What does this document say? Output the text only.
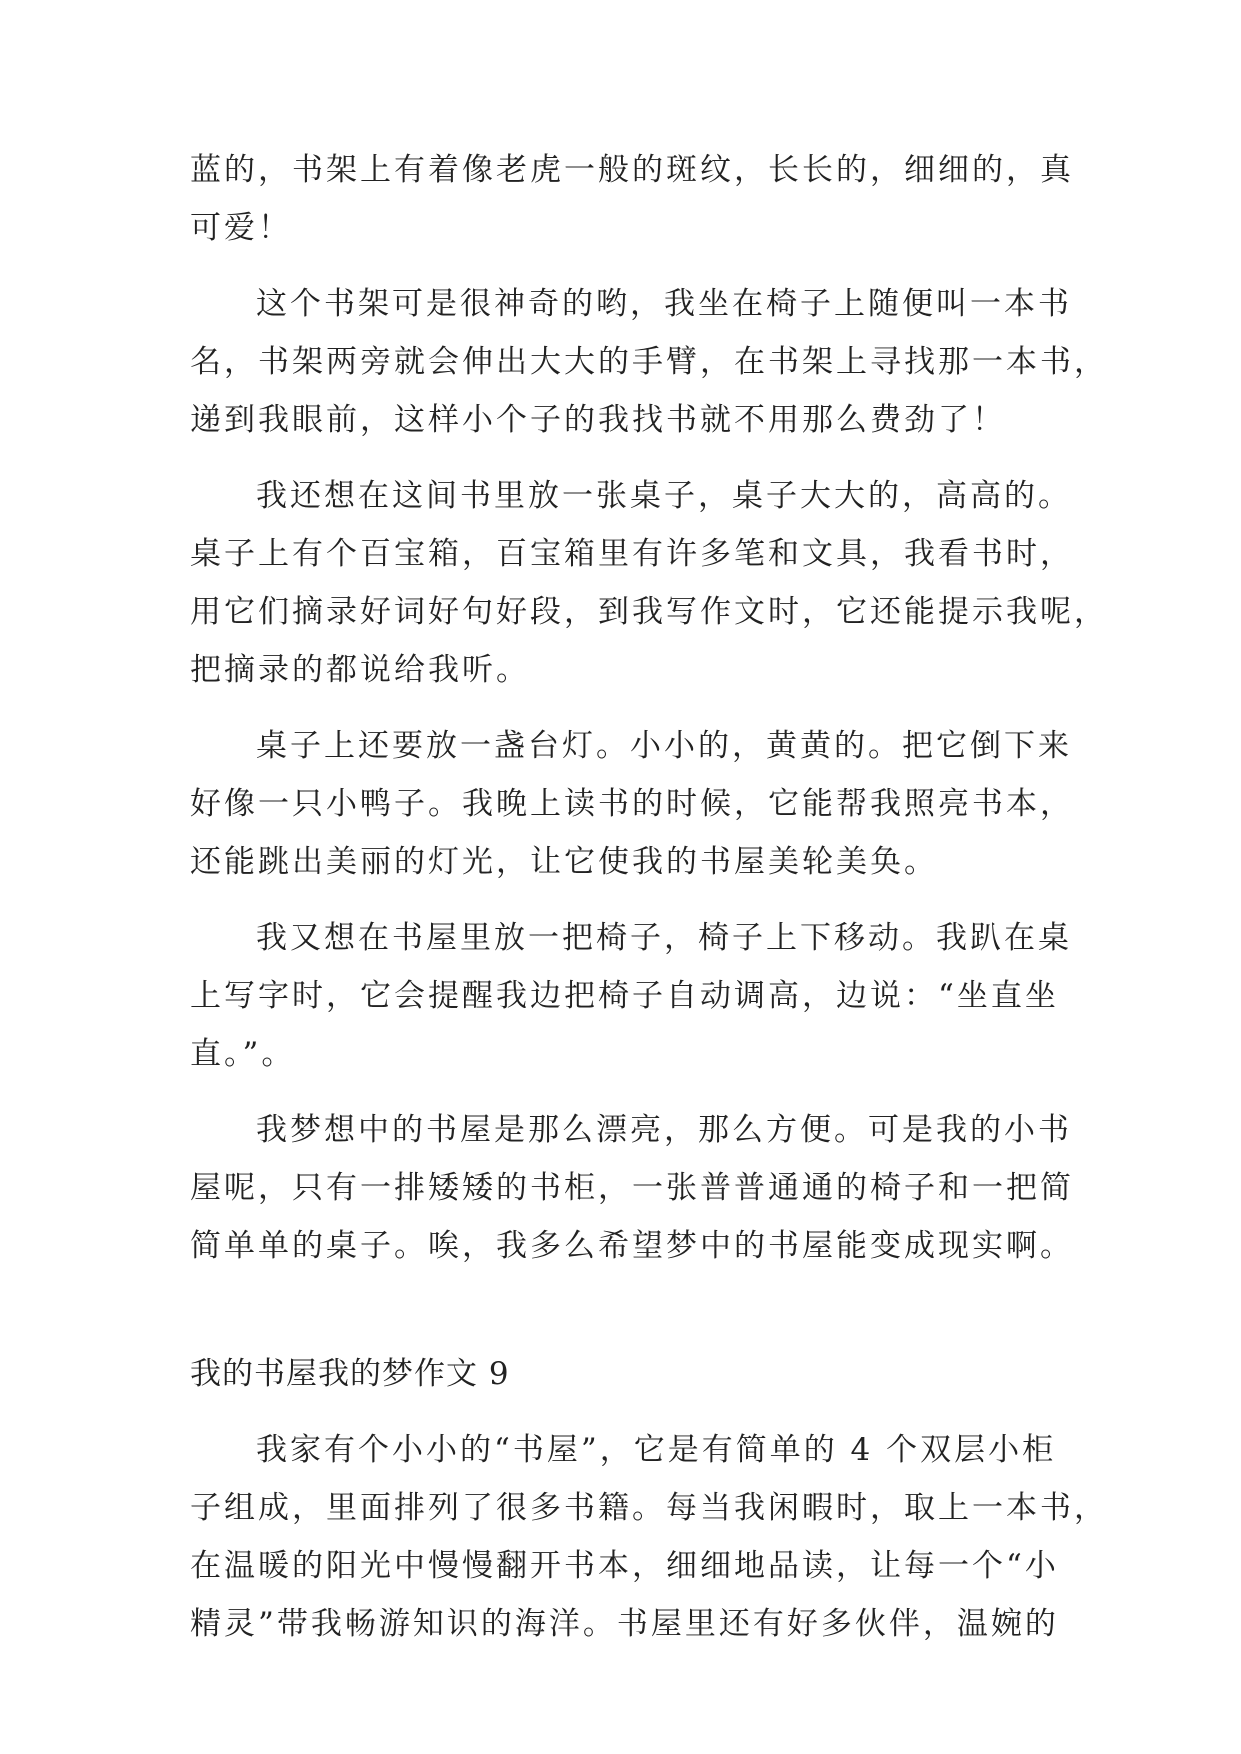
蓝的，书架上有着像老虎一般的斑纹，长长的，细细的，真
可爱！
这个书架可是很神奇的哟，我坐在椅子上随便叫一本书
名，书架两旁就会伸出大大的手臂，在书架上寻找那一本书，
递到我眼前，这样小个子的我找书就不用那么费劲了！
我还想在这间书里放一张桌子，桌子大大的，高高的。
桌子上有个百宝箱，百宝箱里有许多笔和文具，我看书时，
用它们摘录好词好句好段，到我写作文时，它还能提示我呢，
把摘录的都说给我听。
桌子上还要放一盏台灯。小小的，黄黄的。把它倒下来
好像一只小鸭子。我晚上读书的时候，它能帮我照亮书本，
还能跳出美丽的灯光，让它使我的书屋美轮美奂。
我又想在书屋里放一把椅子，椅子上下移动。我趴在桌
上写字时，它会提醒我边把椅子自动调高，边说：“坐直坐
直。”。
我梦想中的书屋是那么漂亮，那么方便。可是我的小书
屋呢，只有一排矮矮的书柜，一张普普通通的椅子和一把简
简单单的桌子。唉，我多么希望梦中的书屋能变成现实啊。
我的书屋我的梦作文 9
我家有个小小的“书屋”，它是有简单的 4 个双层小柜
子组成，里面排列了很多书籍。每当我闲暇时，取上一本书，
在温暖的阳光中慢慢翻开书本，细细地品读，让每一个“小
精灵”带我畅游知识的海洋。书屋里还有好多伙伴，温婉的
